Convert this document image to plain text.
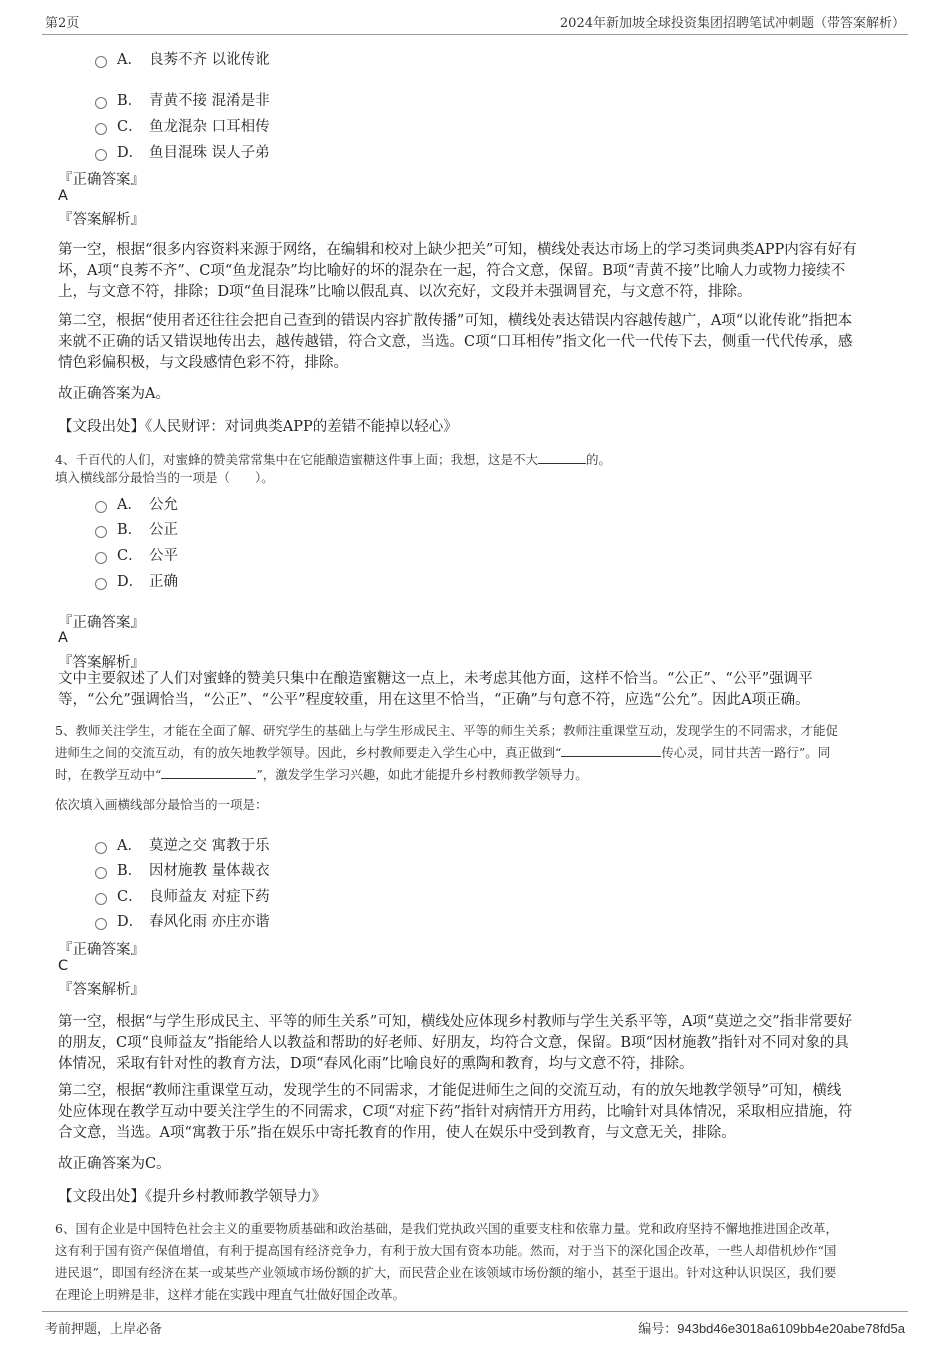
第2页	2024年新加坡全球投资集团招聘笔试冲刺题（带答案解析）
A． 良莠不齐 以讹传讹
B． 青黄不接 混淆是非
C． 鱼龙混杂 口耳相传
D． 鱼目混珠 误人子弟
『正确答案』
A
『答案解析』
第一空，根据“很多内容资料来源于网络，在编辑和校对上缺少把关”可知，横线处表达市场上的学习类词典类APP内容有好有
坏，A项“良莠不齐”、C项“鱼龙混杂”均比喻好的坏的混杂在一起，符合文意，保留。B项“青黄不接”比喻人力或物力接续不
上，与文意不符，排除；D项“鱼目混珠”比喻以假乱真、以次充好，文段并未强调冒充，与文意不符，排除。
第二空，根据“使用者还往往会把自己查到的错误内容扩散传播”可知，横线处表达错误内容越传越广，A项“以讹传讹”指把本
来就不正确的话又错误地传出去，越传越错，符合文意，当选。C项“口耳相传”指文化一代一代传下去，侧重一代代传承，感
情色彩偏积极，与文段感情色彩不符，排除。
故正确答案为A。
【文段出处】《人民财评：对词典类APP的差错不能掉以轻心》
4、千百代的人们，对蜜蜂的赞美常常集中在它能酿造蜜糖这件事上面；我想，这是不大	的。
填入横线部分最恰当的一项是（　　）。
A． 公允
B． 公正
C． 公平
D． 正确
『正确答案』
A
『答案解析』
文中主要叙述了人们对蜜蜂的赞美只集中在酿造蜜糖这一点上，未考虑其他方面，这样不恰当。“公正”、“公平”强调平
等，“公允”强调恰当，“公正”、“公平”程度较重，用在这里不恰当，“正确”与句意不符，应选“公允”。因此A项正确。
5、教师关注学生，才能在全面了解、研究学生的基础上与学生形成民主、平等的师生关系；教师注重课堂互动，发现学生的不同需求，才能促
进师生之间的交流互动，有的放矢地教学领导。因此，乡村教师要走入学生心中，真正做到“	传心灵，同甘共苦一路行”。同
时，在教学互动中“	”，激发学生学习兴趣，如此才能提升乡村教师教学领导力。
依次填入画横线部分最恰当的一项是：
A． 莫逆之交 寓教于乐
B． 因材施教 量体裁衣
C． 良师益友 对症下药
D． 春风化雨 亦庄亦谐
『正确答案』
C
『答案解析』
第一空，根据“与学生形成民主、平等的师生关系”可知，横线处应体现乡村教师与学生关系平等，A项“莫逆之交”指非常要好
的朋友，C项“良师益友”指能给人以教益和帮助的好老师、好朋友，均符合文意，保留。B项“因材施教”指针对不同对象的具
体情况，采取有针对性的教育方法，D项“春风化雨”比喻良好的熏陶和教育，均与文意不符，排除。
第二空，根据“教师注重课堂互动，发现学生的不同需求，才能促进师生之间的交流互动，有的放矢地教学领导”可知，横线
处应体现在教学互动中要关注学生的不同需求，C项“对症下药”指针对病情开方用药，比喻针对具体情况，采取相应措施，符
合文意，当选。A项“寓教于乐”指在娱乐中寄托教育的作用，使人在娱乐中受到教育，与文意无关，排除。
故正确答案为C。
【文段出处】《提升乡村教师教学领导力》
6、国有企业是中国特色社会主义的重要物质基础和政治基础，是我们党执政兴国的重要支柱和依靠力量。党和政府坚持不懈地推进国企改革，
这有利于国有资产保值增值，有利于提高国有经济竞争力，有利于放大国有资本功能。然而，对于当下的深化国企改革，一些人却借机炒作“国
进民退”，即国有经济在某一或某些产业领域市场份额的扩大，而民营企业在该领域市场份额的缩小，甚至于退出。针对这种认识误区，我们要
在理论上明辨是非，这样才能在实践中理直气壮做好国企改革。
考前押题，上岸必备	编号：943bd46e3018a6109bb4e20abe78fd5a
